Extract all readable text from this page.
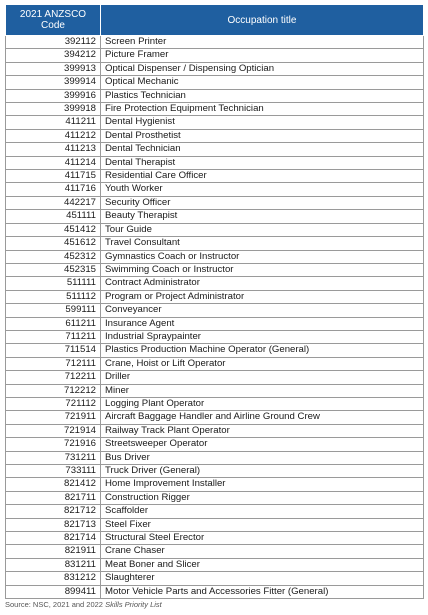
2021 ANZSCO
Code	Occupation title
392112	Screen Printer
394212	Picture Framer
399913	Optical Dispenser / Dispensing Optician
399914	Optical Mechanic
399916	Plastics Technician
399918	Fire Protection Equipment Technician
411211	Dental Hygienist
411212	Dental Prosthetist
411213	Dental Technician
411214	Dental Therapist
411715	Residential Care Officer
411716	Youth Worker
442217	Security Officer
451111	Beauty Therapist
451412	Tour Guide
451612	Travel Consultant
452312	Gymnastics Coach or Instructor
452315	Swimming Coach or Instructor
511111	Contract Administrator
511112	Program or Project Administrator
599111	Conveyancer
611211	Insurance Agent
711211	Industrial Spraypainter
711514	Plastics Production Machine Operator (General)
712111	Crane, Hoist or Lift Operator
712211	Driller
712212	Miner
721112	Logging Plant Operator
721911	Aircraft Baggage Handler and Airline Ground Crew
721914	Railway Track Plant Operator
721916	Streetsweeper Operator
731211	Bus Driver
733111	Truck Driver (General)
821412	Home Improvement Installer
821711	Construction Rigger
821712	Scaffolder
821713	Steel Fixer
821714	Structural Steel Erector
821911	Crane Chaser
831211	Meat Boner and Slicer
831212	Slaughterer
899411	Motor Vehicle Parts and Accessories Fitter (General)
Source: NSC, 2021 and 2022 Skills Priority List
